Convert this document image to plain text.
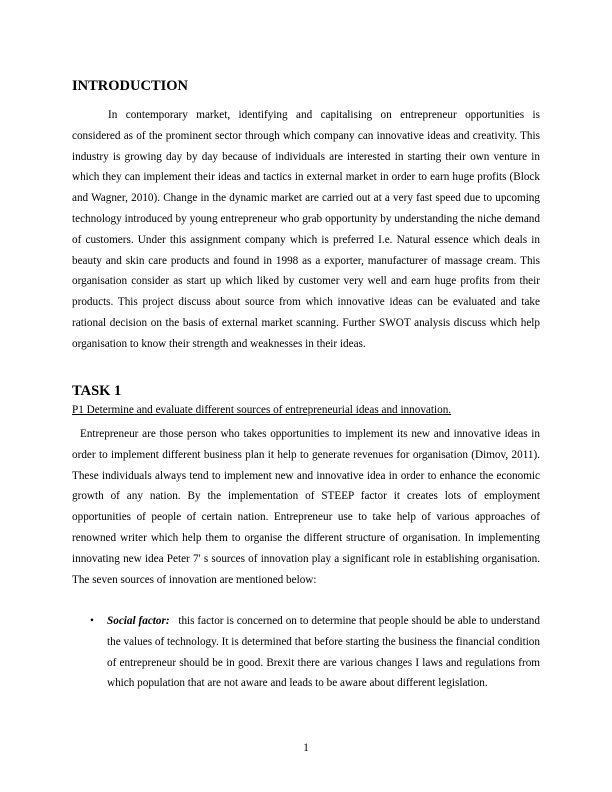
INTRODUCTION

In contemporary market, identifying and capitalising on entrepreneur opportunities is considered as of the prominent sector through which company can innovative ideas and creativity. This industry is growing day by day because of individuals are interested in starting their own venture in which they can implement their ideas and tactics in external market in order to earn huge profits (Block and Wagner, 2010). Change in the dynamic market are carried out at a very fast speed due to upcoming technology introduced by young entrepreneur who grab opportunity by understanding the niche demand of customers. Under this assignment company which is preferred I.e. Natural essence which deals in beauty and skin care products and found in 1998 as a exporter, manufacturer of massage cream. This organisation consider as start up which liked by customer very well and earn huge profits from their products. This project discuss about source from which innovative ideas can be evaluated and take rational decision on the basis of external market scanning. Further SWOT analysis discuss which help organisation to know their strength and weaknesses in their ideas.

TASK 1

P1 Determine and evaluate different sources of entrepreneurial ideas and innovation.

Entrepreneur are those person who takes opportunities to implement its new and innovative ideas in order to implement different business plan it help to generate revenues for organisation (Dimov, 2011). These individuals always tend to implement new and innovative idea in order to enhance the economic growth of any nation. By the implementation of STEEP factor it creates lots of employment opportunities of people of certain nation. Entrepreneur use to take help of various approaches of renowned writer which help them to organise the different structure of organisation. In implementing innovating new idea Peter 7' s sources of innovation play a significant role in establishing organisation. The seven sources of innovation are mentioned below:

• Social factor: this factor is concerned on to determine that people should be able to understand the values of technology. It is determined that before starting the business the financial condition of entrepreneur should be in good. Brexit there are various changes I laws and regulations from which population that are not aware and leads to be aware about different legislation.
1
